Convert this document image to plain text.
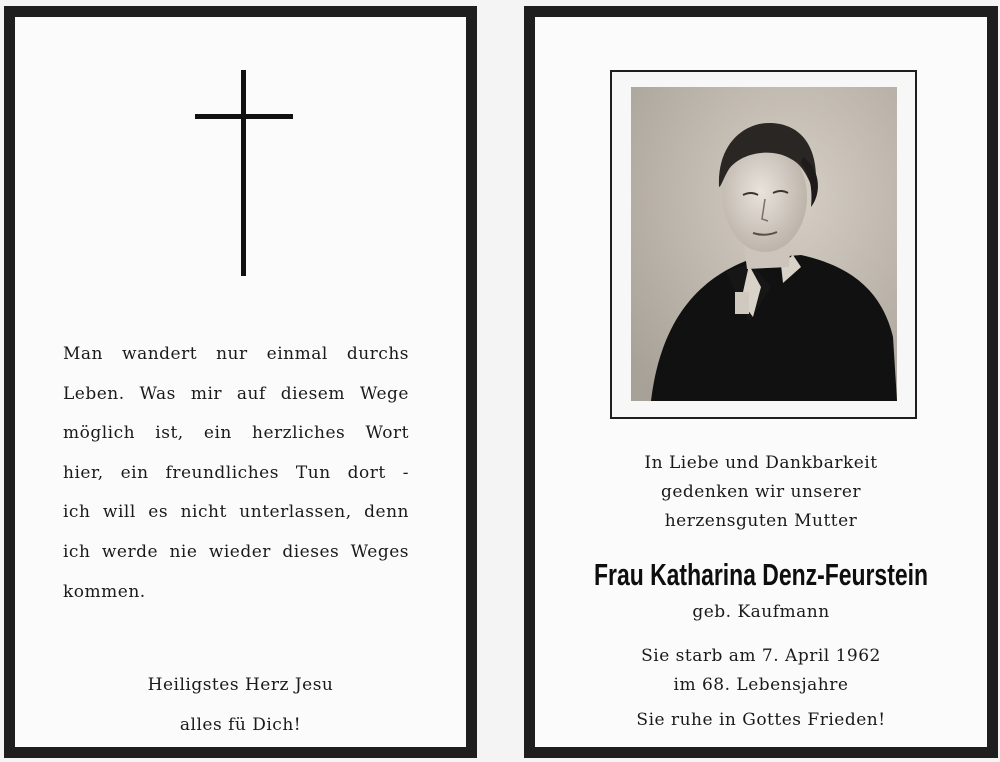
Man wandert nur einmal durchs
Leben. Was mir auf diesem Wege
möglich ist, ein herzliches Wort
hier, ein freundliches Tun dort -
ich will es nicht unterlassen, denn
ich werde nie wieder dieses Weges
kommen.
Heiligstes Herz Jesu
alles fü Dich!
In Liebe und Dankbarkeit
gedenken wir unserer
herzensguten Mutter
Frau Katharina Denz-Feurstein
geb. Kaufmann
Sie starb am 7. April 1962
im 68. Lebensjahre
Sie ruhe in Gottes Frieden!
